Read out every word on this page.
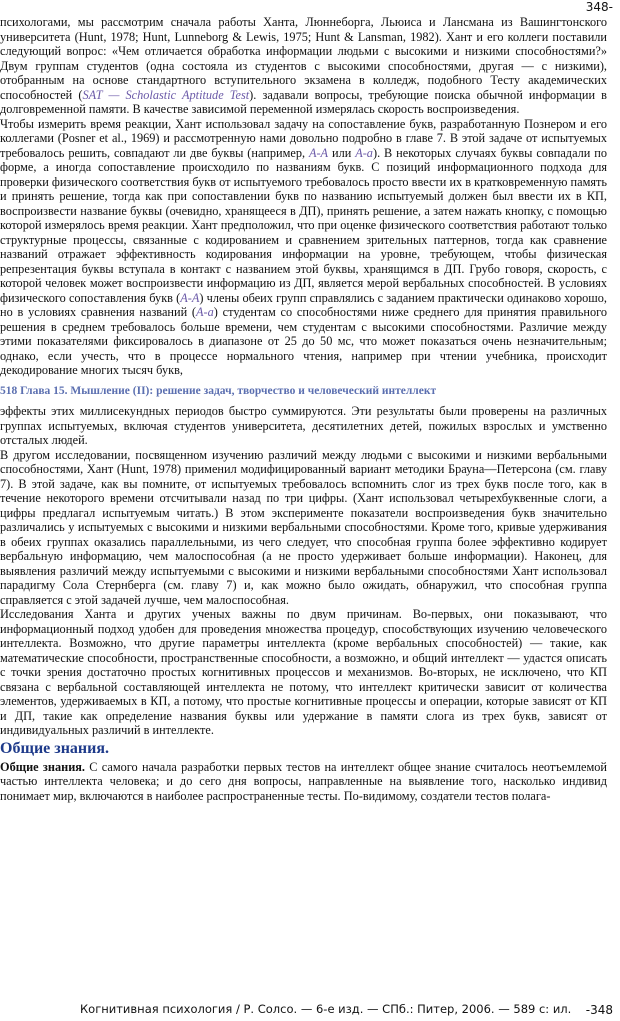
348-

психологами, мы рассмотрим сначала работы Ханта, Люннеборга, Льюиса и Лансмана из Вашингтонского университета (Hunt, 1978; Hunt, Lunneborg & Lewis, 1975; Hunt & Lansman, 1982). Хант и его коллеги поставили следующий вопрос: «Чем отличается обработка информации людьми с высокими и низкими способностями?» Двум группам студентов (одна состояла из студентов с высокими способностями, другая — с низкими), отобранным на основе стандартного вступительного экзамена в колледж, подобного Тесту академических способностей (SAT — Scholastic Aptitude Test). задавали вопросы, требующие поиска обычной информации в долговременной памяти. В качестве зависимой переменной измерялась скорость воспроизведения.

Чтобы измерить время реакции, Хант использовал задачу на сопоставление букв, разработанную Познером и его коллегами (Posner et al., 1969) и рассмотренную нами довольно подробно в главе 7. В этой задаче от испытуемых требовалось решить, совпадают ли две буквы (например, A-A или A-a). В некоторых случаях буквы совпадали по форме, а иногда сопоставление происходило по названиям букв. С позиций информационного подхода для проверки физического соответствия букв от испытуемого требовалось просто ввести их в кратковременную память и принять решение, тогда как при сопоставлении букв по названию испытуемый должен был ввести их в КП, воспроизвести название буквы (очевидно, хранящееся в ДП), принять решение, а затем нажать кнопку, с помощью которой измерялось время реакции. Хант предположил, что при оценке физического соответствия работают только структурные процессы, связанные с кодированием и сравнением зрительных паттернов, тогда как сравнение названий отражает эффективность кодирования информации на уровне, требующем, чтобы физическая репрезентация буквы вступала в контакт с названием этой буквы, хранящимся в ДП. Грубо говоря, скорость, с которой человек может воспроизвести информацию из ДП, является мерой вербальных способностей. В условиях физического сопоставления букв (A-A) члены обеих групп справлялись с заданием практически одинаково хорошо, но в условиях сравнения названий (A-a) студентам со способностями ниже среднего для принятия правильного решения в среднем требовалось больше времени, чем студентам с высокими способностями. Различие между этими показателями фиксировалось в диапазоне от 25 до 50 мс, что может показаться очень незначительным; однако, если учесть, что в процессе нормального чтения, например при чтении учебника, происходит декодирование многих тысяч букв,

518 Глава 15. Мышление (II): решение задач, творчество и человеческий интеллект

эффекты этих миллисекундных периодов быстро суммируются. Эти результаты были проверены на различных группах испытуемых, включая студентов университета, десятилетних детей, пожилых взрослых и умственно отсталых людей.

В другом исследовании, посвященном изучению различий между людьми с высокими и низкими вербальными способностями, Хант (Hunt, 1978) применил модифицированный вариант методики Брауна—Петерсона (см. главу 7). В этой задаче, как вы помните, от испытуемых требовалось вспомнить слог из трех букв после того, как в течение некоторого времени отсчитывали назад по три цифры. (Хант использовал четырехбуквенные слоги, а цифры предлагал испытуемым читать.) В этом эксперименте показатели воспроизведения букв значительно различались у испытуемых с высокими и низкими вербальными способностями. Кроме того, кривые удерживания в обеих группах оказались параллельными, из чего следует, что способная группа более эффективно кодирует вербальную информацию, чем малоспособная (а не просто удерживает больше информации). Наконец, для выявления различий между испытуемыми с высокими и низкими вербальными способностями Хант использовал парадигму Сола Стернберга (см. главу 7) и, как можно было ожидать, обнаружил, что способная группа справляется с этой задачей лучше, чем малоспособная.

Исследования Ханта и других ученых важны по двум причинам. Во-первых, они показывают, что информационный подход удобен для проведения множества процедур, способствующих изучению человеческого интеллекта. Возможно, что другие параметры интеллекта (кроме вербальных способностей) — такие, как математические способности, пространственные способности, а возможно, и общий интеллект — удастся описать с точки зрения достаточно простых когнитивных процессов и механизмов. Во-вторых, не исключено, что КП связана с вербальной составляющей интеллекта не потому, что интеллект критически зависит от количества элементов, удерживаемых в КП, а потому, что простые когнитивные процессы и операции, которые зависят от КП и ДП, такие как определение названия буквы или удержание в памяти слога из трех букв, зависят от индивидуальных различий в интеллекте.

Общие знания.

Общие знания. С самого начала разработки первых тестов на интеллект общее знание считалось неотъемлемой частью интеллекта человека; и до сего дня вопросы, направленные на выявление того, насколько индивид понимает мир, включаются в наиболее распространенные тесты. По-видимому, создатели тестов полага-

Когнитивная психология / Р. Солсо. — 6-е изд. — СПб.: Питер, 2006. — 589 с: ил. -348
